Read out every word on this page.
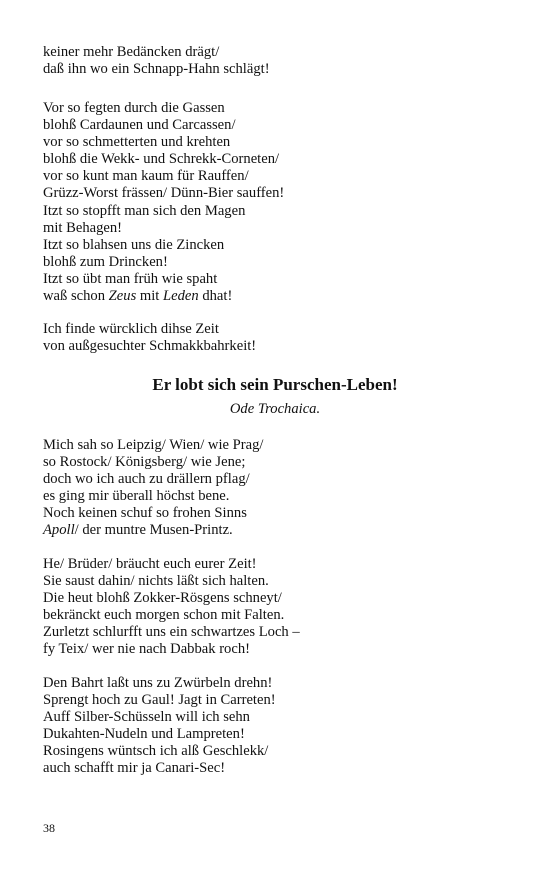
keiner mehr Bedäncken drägt/
daß ihn wo ein Schnapp-Hahn schlägt!
Vor so fegten durch die Gassen
blohß Cardaunen und Carcassen/
vor so schmetterten und krehten
blohß die Wekk- und Schrekk-Corneten/
vor so kunt man kaum für Rauffen/
Grüzz-Worst frässen/ Dünn-Bier sauffen!
Itzt so stopfft man sich den Magen
mit Behagen!
Itzt so blahsen uns die Zincken
blohß zum Drincken!
Itzt so übt man früh wie spaht
waß schon Zeus mit Leden dhat!
Ich finde würcklich dihse Zeit
von außgesuchter Schmakkbahrkeit!
Er lobt sich sein Purschen-Leben!
Ode Trochaica.
Mich sah so Leipzig/ Wien/ wie Prag/
so Rostock/ Königsberg/ wie Jene;
doch wo ich auch zu drällern pflag/
es ging mir überall höchst bene.
Noch keinen schuf so frohen Sinns
Apoll/ der muntre Musen-Printz.
He/ Brüder/ bräucht euch eurer Zeit!
Sie saust dahin/ nichts läßt sich halten.
Die heut blohß Zokker-Rösgens schneyt/
bekränckt euch morgen schon mit Falten.
Zurletzt schlurfft uns ein schwartzes Loch –
fy Teix/ wer nie nach Dabbak roch!
Den Bahrt laßt uns zu Zwürbeln drehn!
Sprengt hoch zu Gaul! Jagt in Carreten!
Auff Silber-Schüsseln will ich sehn
Dukahten-Nudeln und Lampreten!
Rosingens wüntsch ich alß Geschlekk/
auch schafft mir ja Canari-Sec!
38
